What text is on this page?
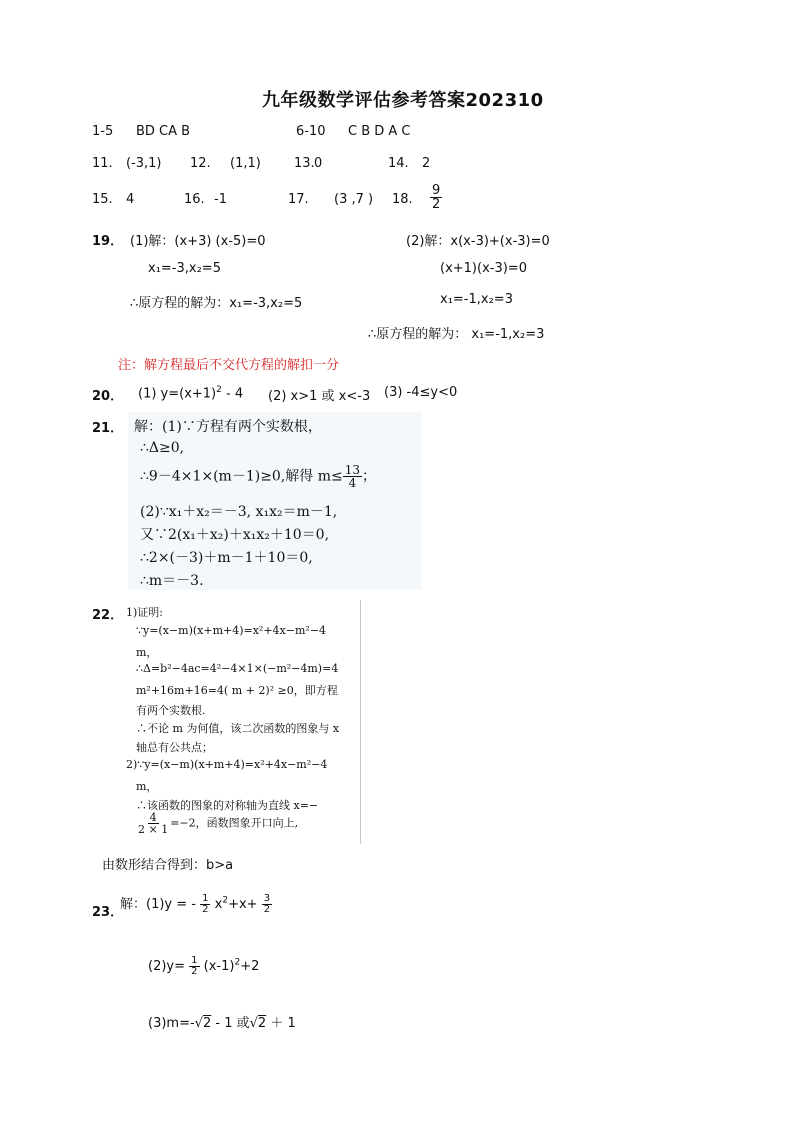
九年级数学评估参考答案202310
1-5 BD CA B	6-10 C B D A C
11. (-3,1) 12. (1,1)	13. 0	14. 2
15. 4	16. -1	17. (3 ,7 ) 18. $\frac{9}{2}$
19． (1)解：(x+3) (x-5)=0
x₁=-3,x₂=5
∴原方程的解为：x₁=-3,x₂=5
(2)解：x(x-3)+(x-3)=0
(x+1)(x-3)=0
x₁=-1,x₂=3
∴原方程的解为： x₁=-1,x₂=3
注：解方程最后不交代方程的解扣一分
20． (1) $y=(x+1)^2 - 4$ (2) x>1 或 x<-3 (3) -4≤y<0
21． 解：(1)∵方程有两个实数根，
∴Δ≥0,
∴9－4×1×(m－1)≥0,解得 $m\le \frac{13}{4}$ ；
(2)∵x₁＋x₂＝－3, x₁x₂＝m－1,
又∵2(x₁＋x₂)＋x₁x₂＋10＝0,
∴2×(－3)＋m－1＋10＝0,
∴m＝－3.
22． 1)证明:
∵y=(x−m)(x+m+4)=x²+4x−m²−4
m，
∴Δ=b²−4ac=4²−4×1×(−m²−4m)=4
m²+16m+16=4( m + 2)² ≥0，即方程
有两个实数根.
∴不论 m 为何值，该二次函数的图象与 x
轴总有公共点；
2)∵y=(x−m)(x+m+4)=x²+4x−m²−4
m，
∴该函数的图象的对称轴为直线 x=−
$\frac{4}{2 \times 1} =-2$，函数图象开口向上,
由数形结合得到：b>a
23．
解：(1)y = - $\frac{1}{2} x^2+x+ \frac{3}{2}$
$(2)y= \frac{1}{2} (x-1)^2+2$
(3)m=-√2 - 1 或√2 ＋ 1
